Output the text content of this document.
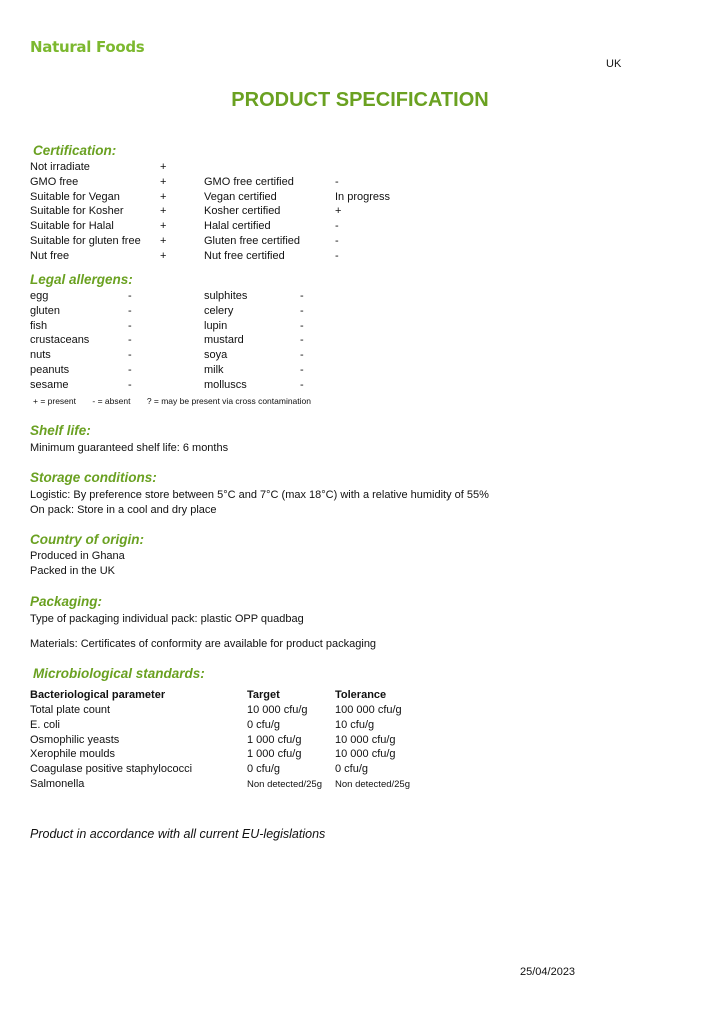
Natural Foods
UK
PRODUCT SPECIFICATION
Certification:
Not irradiate	+
GMO free	+	GMO free certified	-
Suitable for Vegan	+	Vegan certified	In progress
Suitable for Kosher	+	Kosher certified	+
Suitable for Halal	+	Halal certified	-
Suitable for gluten free +	Gluten free certified	-
Nut free	+	Nut free certified	-
Legal allergens:
egg	-	sulphites	-
gluten	-	celery	-
fish	-	lupin	-
crustaceans	-	mustard	-
nuts	-	soya	-
peanuts	-	milk	-
sesame	-	molluscs	-
+ = present - = absent ? = may be present via cross contamination
Shelf life:
Minimum guaranteed shelf life: 6 months
Storage conditions:
Logistic: By preference store between 5°C and 7°C (max 18°C) with a relative humidity of 55%
On pack: Store in a cool and dry place
Country of origin:
Produced in Ghana
Packed in the UK
Packaging:
Type of packaging individual pack: plastic OPP quadbag
Materials: Certificates of conformity are available for product packaging
Microbiological standards:
Bacteriological parameter	Target	Tolerance
Total plate count	10 000 cfu/g 100 000 cfu/g
E. coli	0 cfu/g	10 cfu/g
Osmophilic yeasts	1 000 cfu/g	10 000 cfu/g
Xerophile moulds	1 000 cfu/g	10 000 cfu/g
Coagulase positive staphylococci	0 cfu/g	0 cfu/g
Salmonella	Non detected/25g Non detected/25g
Product in accordance with all current EU-legislations
25/04/2023
